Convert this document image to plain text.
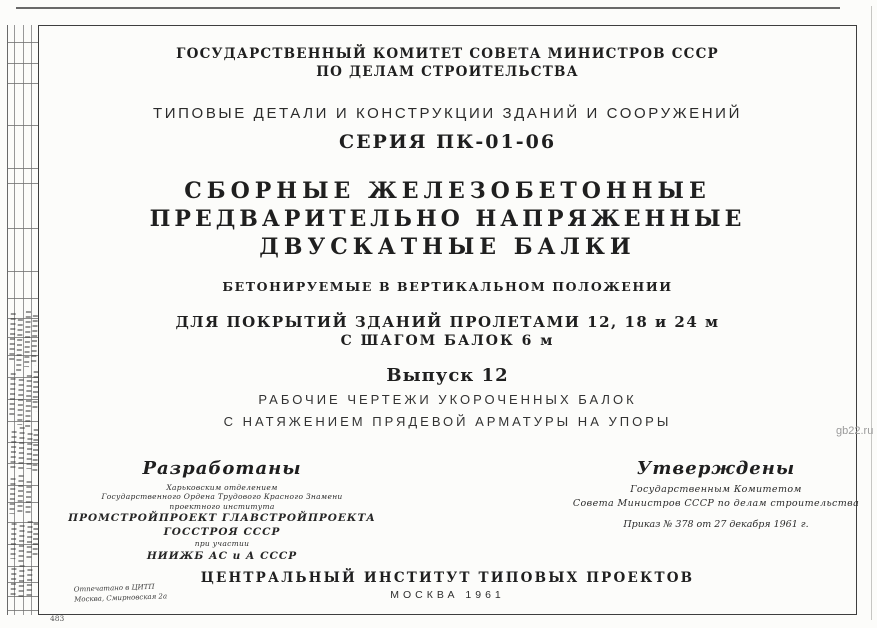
ГОСУДАРСТВЕННЫЙ КОМИТЕТ СОВЕТА МИНИСТРОВ СССР
ПО ДЕЛАМ СТРОИТЕЛЬСТВА
ТИПОВЫЕ ДЕТАЛИ И КОНСТРУКЦИИ ЗДАНИЙ И СООРУЖЕНИЙ
СЕРИЯ ПК-01-06
СБОРНЫЕ ЖЕЛЕЗОБЕТОННЫЕ
ПРЕДВАРИТЕЛЬНО НАПРЯЖЕННЫЕ
ДВУСКАТНЫЕ БАЛКИ
БЕТОНИРУЕМЫЕ В ВЕРТИКАЛЬНОМ ПОЛОЖЕНИИ
ДЛЯ ПОКРЫТИЙ ЗДАНИЙ ПРОЛЕТАМИ 12, 18 и 24 м
С ШАГОМ БАЛОК 6 м
Выпуск 12
РАБОЧИЕ ЧЕРТЕЖИ УКОРОЧЕННЫХ БАЛОК
С НАТЯЖЕНИЕМ ПРЯДЕВОЙ АРМАТУРЫ НА УПОРЫ
Разработаны
Харьковским отделением
Государственного Ордена Трудового Красного Знамени
проектного института
ПРОМСТРОЙПРОЕКТ ГЛАВСТРОЙПРОЕКТА
ГОССТРОЯ СССР
при участии
НИИЖБ АС и А СССР
Утверждены
Государственным Комитетом
Совета Министров СССР по делам строительства
Приказ № 378 от 27 декабря 1961 г.
ЦЕНТРАЛЬНЫЙ ИНСТИТУТ ТИПОВЫХ ПРОЕКТОВ
МОСКВА 1961
Отпечатано в ЦИТП
Москва, Смирновская 2а
483
gb22.ru
